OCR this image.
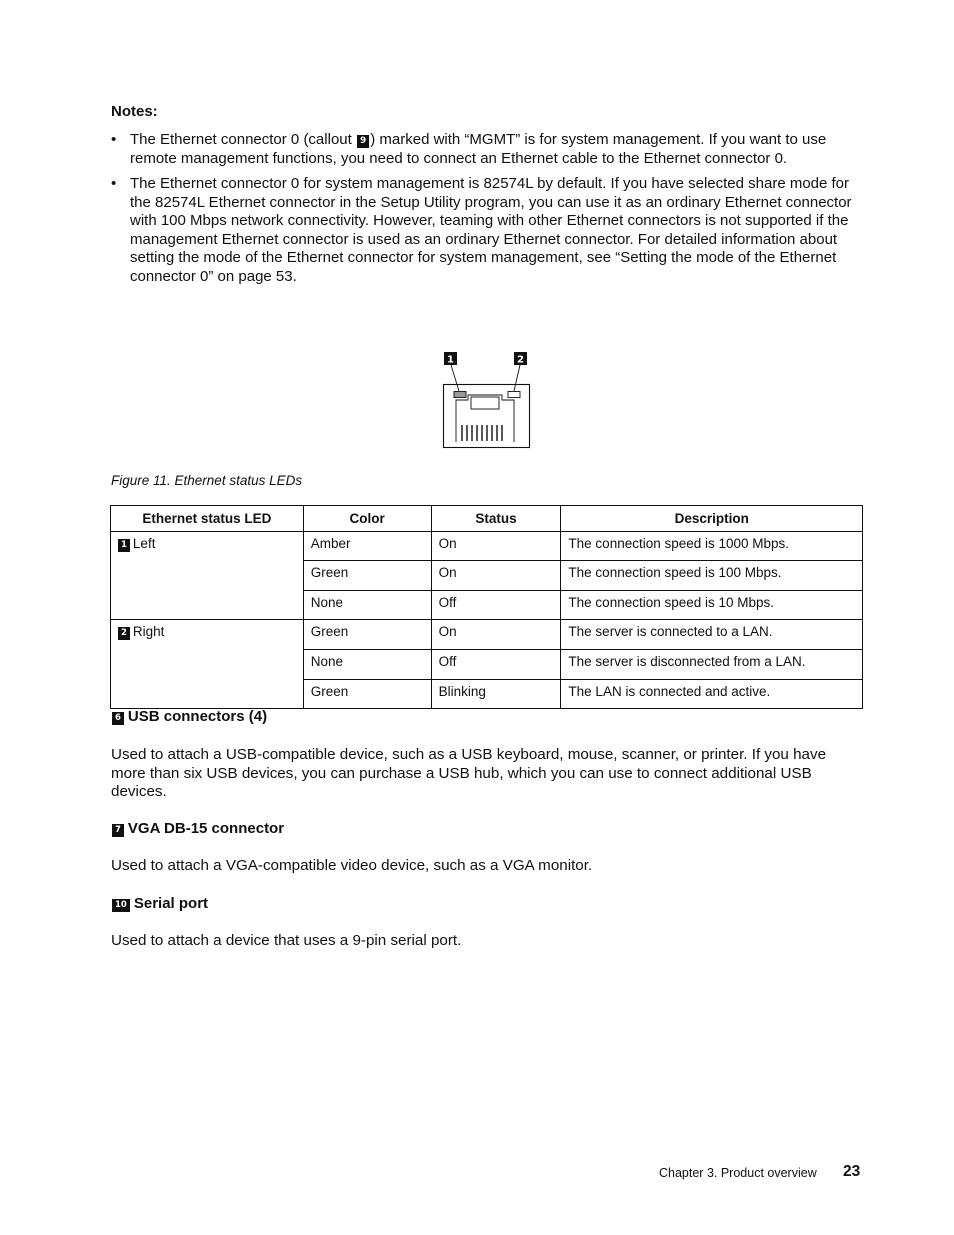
Notes:
• The Ethernet connector 0 (callout 9 ) marked with “MGMT” is for system management. If you want to use remote management functions, you need to connect an Ethernet cable to the Ethernet connector 0.
• The Ethernet connector 0 for system management is 82574L by default. If you have selected share mode for the 82574L Ethernet connector in the Setup Utility program, you can use it as an ordinary Ethernet connector with 100 Mbps network connectivity. However, teaming with other Ethernet connectors is not supported if the management Ethernet connector is used as an ordinary Ethernet connector. For detailed information about setting the mode of the Ethernet connector for system management, see “Setting the mode of the Ethernet connector 0” on page 53.
1	2
Figure 11. Ethernet status LEDs
Ethernet status LED	Color	Status	Description
1 Left	Amber	On	The connection speed is 1000 Mbps.
	Green	On	The connection speed is 100 Mbps.
	None	Off	The connection speed is 10 Mbps.
2 Right	Green	On	The server is connected to a LAN.
	None	Off	The server is disconnected from a LAN.
	Green	Blinking	The LAN is connected and active.
6 USB connectors (4)
Used to attach a USB-compatible device, such as a USB keyboard, mouse, scanner, or printer. If you have more than six USB devices, you can purchase a USB hub, which you can use to connect additional USB devices.
7 VGA DB-15 connector
Used to attach a VGA-compatible video device, such as a VGA monitor.
10 Serial port
Used to attach a device that uses a 9-pin serial port.
Chapter 3. Product overview 23
